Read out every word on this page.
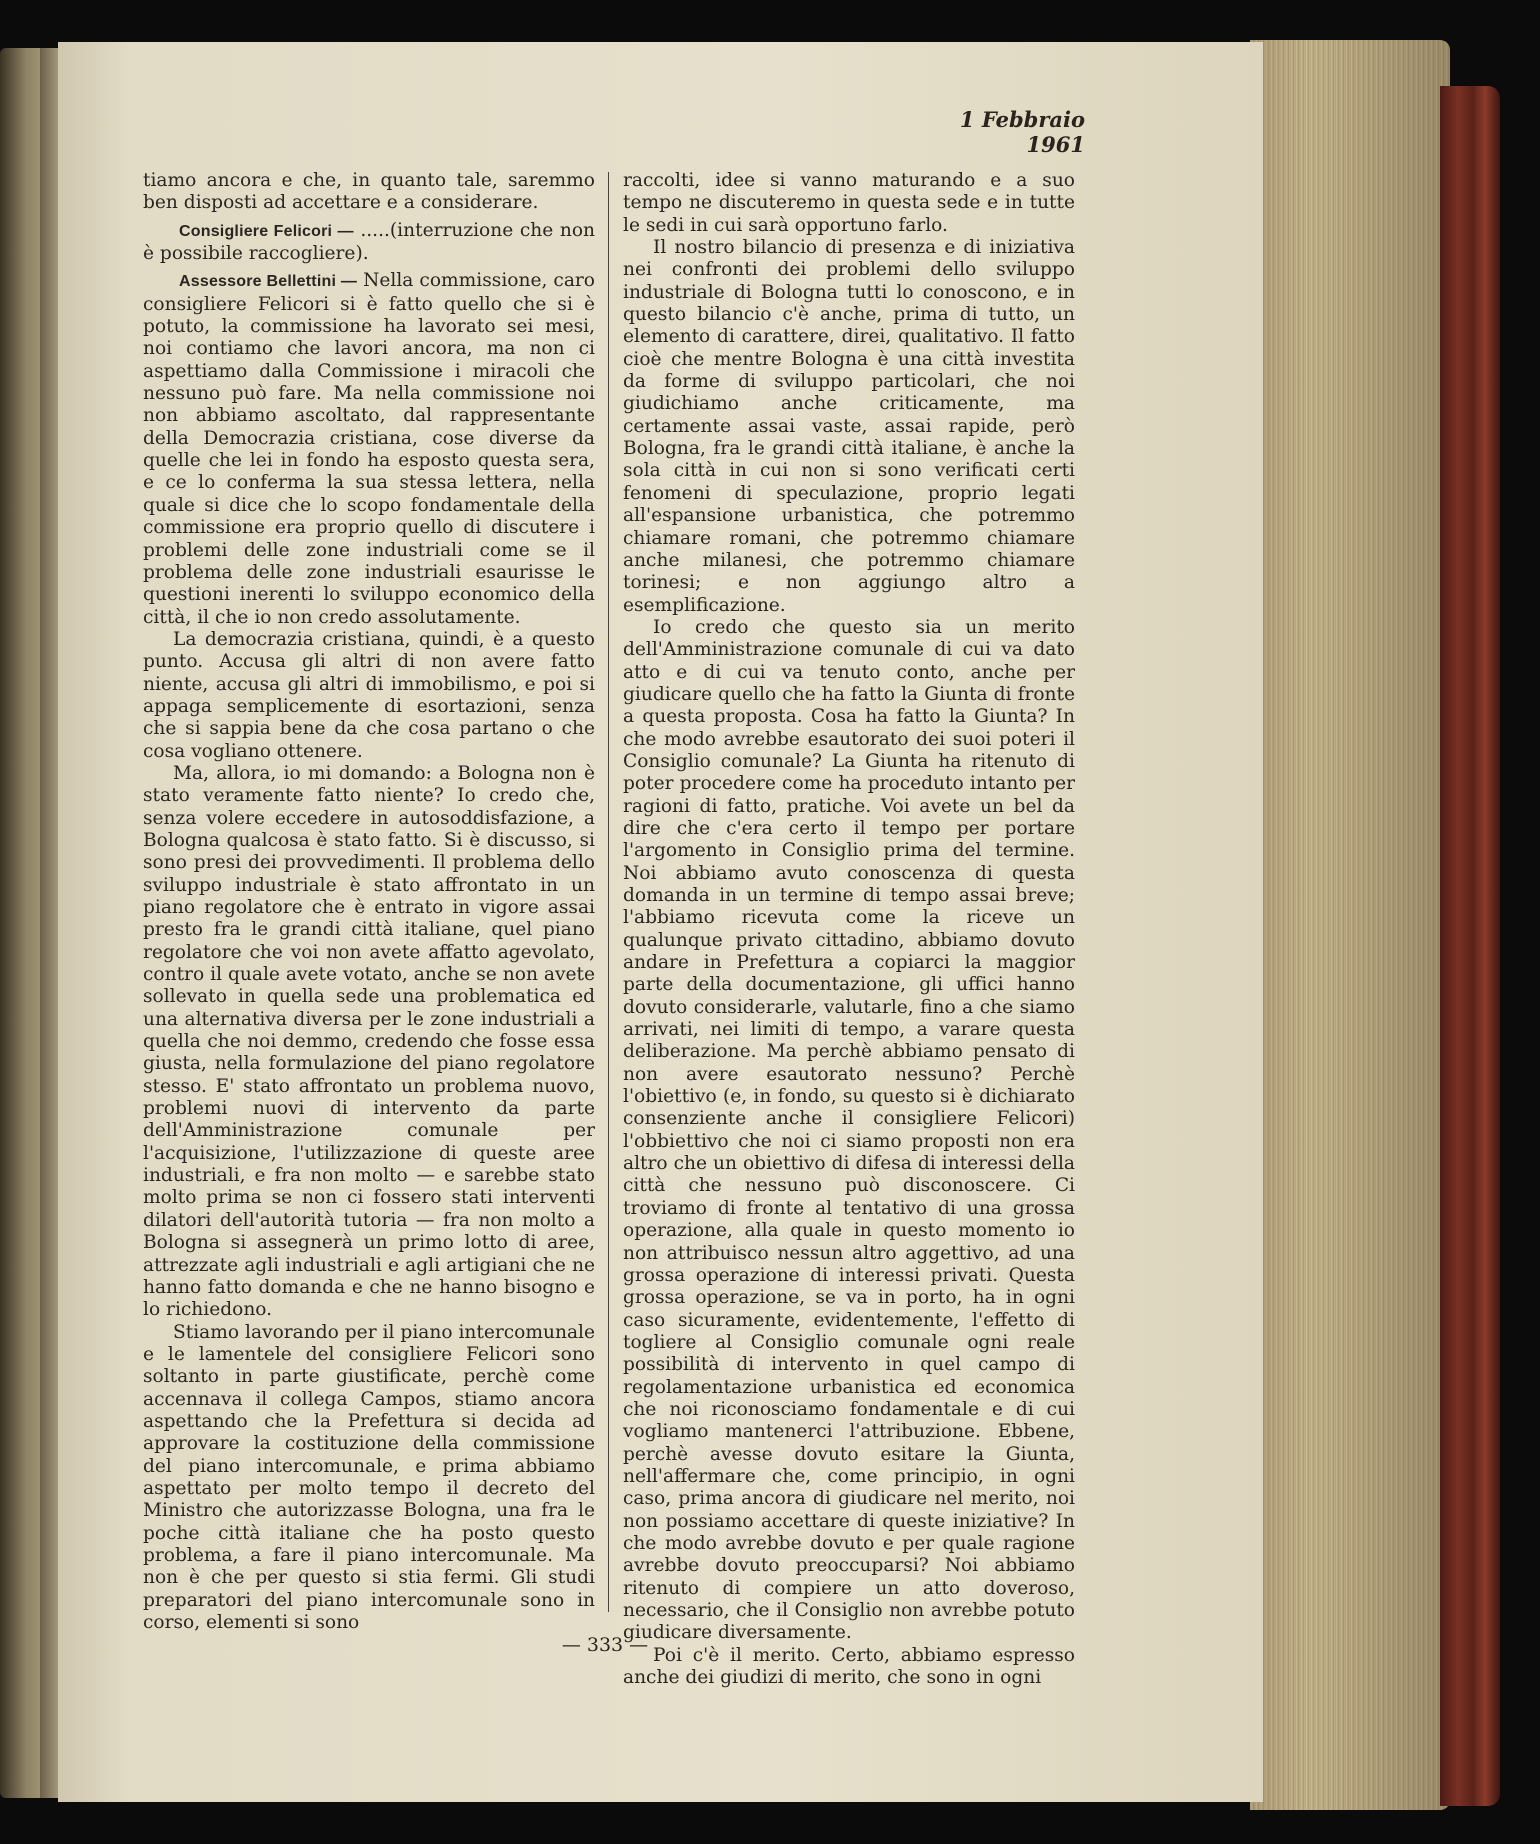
1 Febbraio 1961

tiamo ancora e che, in quanto tale, saremmo ben disposti ad accettare e a considerare.

Consigliere Felicori — .....(interruzione che non è possibile raccogliere).

Assessore Bellettini — Nella commissione, caro consigliere Felicori si è fatto quello che si è potuto, la commissione ha lavorato sei mesi, noi contiamo che lavori ancora, ma non ci aspettiamo dalla Commissione i miracoli che nessuno può fare. Ma nella commissione noi non abbiamo ascoltato, dal rappresentante della Democrazia cristiana, cose diverse da quelle che lei in fondo ha esposto questa sera, e ce lo conferma la sua stessa lettera, nella quale si dice che lo scopo fondamentale della commissione era proprio quello di discutere i problemi delle zone industriali come se il problema delle zone industriali esaurisse le questioni inerenti lo sviluppo economico della città, il che io non credo assolutamente.

La democrazia cristiana, quindi, è a questo punto. Accusa gli altri di non avere fatto niente, accusa gli altri di immobilismo, e poi si appaga semplicemente di esortazioni, senza che si sappia bene da che cosa partano o che cosa vogliano ottenere.

Ma, allora, io mi domando: a Bologna non è stato veramente fatto niente? Io credo che, senza volere eccedere in autosoddisfazione, a Bologna qualcosa è stato fatto. Si è discusso, si sono presi dei provvedimenti. Il problema dello sviluppo industriale è stato affrontato in un piano regolatore che è entrato in vigore assai presto fra le grandi città italiane, quel piano regolatore che voi non avete affatto agevolato, contro il quale avete votato, anche se non avete sollevato in quella sede una problematica ed una alternativa diversa per le zone industriali a quella che noi demmo, credendo che fosse essa giusta, nella formulazione del piano regolatore stesso. E' stato affrontato un problema nuovo, problemi nuovi di intervento da parte dell'Amministrazione comunale per l'acquisizione, l'utilizzazione di queste aree industriali, e fra non molto — e sarebbe stato molto prima se non ci fossero stati interventi dilatori dell'autorità tutoria — fra non molto a Bologna si assegnerà un primo lotto di aree, attrezzate agli industriali e agli artigiani che ne hanno fatto domanda e che ne hanno bisogno e lo richiedono.

Stiamo lavorando per il piano intercomunale e le lamentele del consigliere Felicori sono soltanto in parte giustificate, perchè come accennava il collega Campos, stiamo ancora aspettando che la Prefettura si decida ad approvare la costituzione della commissione del piano intercomunale, e prima abbiamo aspettato per molto tempo il decreto del Ministro che autorizzasse Bologna, una fra le poche città italiane che ha posto questo problema, a fare il piano intercomunale. Ma non è che per questo si stia fermi. Gli studi preparatori del piano intercomunale sono in corso, elementi si sono

raccolti, idee si vanno maturando e a suo tempo ne discuteremo in questa sede e in tutte le sedi in cui sarà opportuno farlo.

Il nostro bilancio di presenza e di iniziativa nei confronti dei problemi dello sviluppo industriale di Bologna tutti lo conoscono, e in questo bilancio c'è anche, prima di tutto, un elemento di carattere, direi, qualitativo. Il fatto cioè che mentre Bologna è una città investita da forme di sviluppo particolari, che noi giudichiamo anche criticamente, ma certamente assai vaste, assai rapide, però Bologna, fra le grandi città italiane, è anche la sola città in cui non si sono verificati certi fenomeni di speculazione, proprio legati all'espansione urbanistica, che potremmo chiamare romani, che potremmo chiamare anche milanesi, che potremmo chiamare torinesi; e non aggiungo altro a esemplificazione.

Io credo che questo sia un merito dell'Amministrazione comunale di cui va dato atto e di cui va tenuto conto, anche per giudicare quello che ha fatto la Giunta di fronte a questa proposta. Cosa ha fatto la Giunta? In che modo avrebbe esautorato dei suoi poteri il Consiglio comunale? La Giunta ha ritenuto di poter procedere come ha proceduto intanto per ragioni di fatto, pratiche. Voi avete un bel da dire che c'era certo il tempo per portare l'argomento in Consiglio prima del termine. Noi abbiamo avuto conoscenza di questa domanda in un termine di tempo assai breve; l'abbiamo ricevuta come la riceve un qualunque privato cittadino, abbiamo dovuto andare in Prefettura a copiarci la maggior parte della documentazione, gli uffici hanno dovuto considerarle, valutarle, fino a che siamo arrivati, nei limiti di tempo, a varare questa deliberazione. Ma perchè abbiamo pensato di non avere esautorato nessuno? Perchè l'obiettivo (e, in fondo, su questo si è dichiarato consenziente anche il consigliere Felicori) l'obbiettivo che noi ci siamo proposti non era altro che un obiettivo di difesa di interessi della città che nessuno può disconoscere. Ci troviamo di fronte al tentativo di una grossa operazione, alla quale in questo momento io non attribuisco nessun altro aggettivo, ad una grossa operazione di interessi privati. Questa grossa operazione, se va in porto, ha in ogni caso sicuramente, evidentemente, l'effetto di togliere al Consiglio comunale ogni reale possibilità di intervento in quel campo di regolamentazione urbanistica ed economica che noi riconosciamo fondamentale e di cui vogliamo mantenerci l'attribuzione. Ebbene, perchè avesse dovuto esitare la Giunta, nell'affermare che, come principio, in ogni caso, prima ancora di giudicare nel merito, noi non possiamo accettare di queste iniziative? In che modo avrebbe dovuto e per quale ragione avrebbe dovuto preoccuparsi? Noi abbiamo ritenuto di compiere un atto doveroso, necessario, che il Consiglio non avrebbe potuto giudicare diversamente.

Poi c'è il merito. Certo, abbiamo espresso anche dei giudizi di merito, che sono in ogni

— 333 —
